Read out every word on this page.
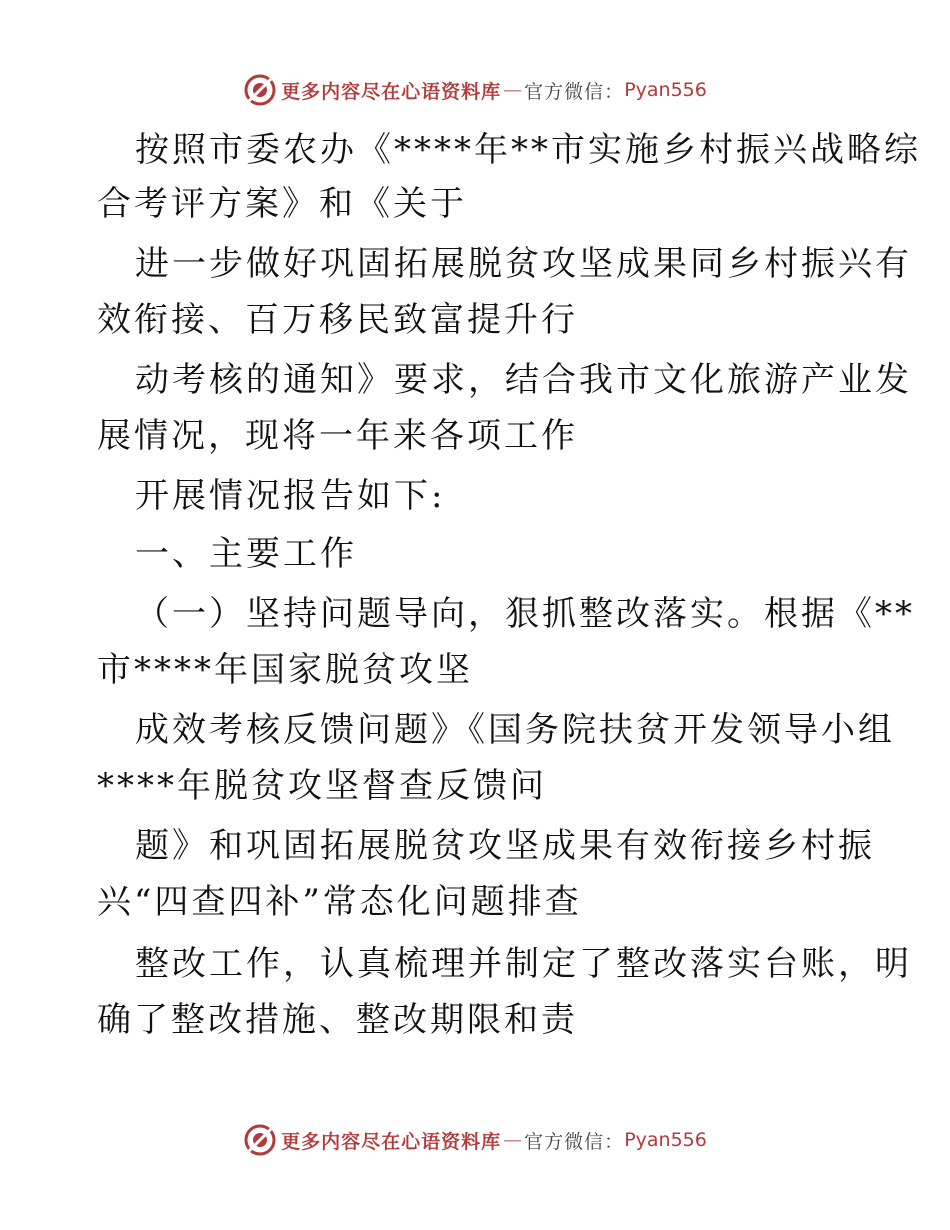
更多内容尽在心语资料库 — 官方微信： Pyan556
按照市委农办《****年**市实施乡村振兴战略综
合考评方案》和《关于
进一步做好巩固拓展脱贫攻坚成果同乡村振兴有
效衔接、百万移民致富提升行
动考核的通知》要求，结合我市文化旅游产业发
展情况，现将一年来各项工作
开展情况报告如下:
一、主要工作
（一）坚持问题导向，狠抓整改落实。根据《**
市****年国家脱贫攻坚
成效考核反馈问题》《国务院扶贫开发领导小组
****年脱贫攻坚督查反馈问
题》和巩固拓展脱贫攻坚成果有效衔接乡村振
兴“四查四补”常态化问题排查
整改工作，认真梳理并制定了整改落实台账，明
确了整改措施、整改期限和责
更多内容尽在心语资料库 — 官方微信： Pyan556
